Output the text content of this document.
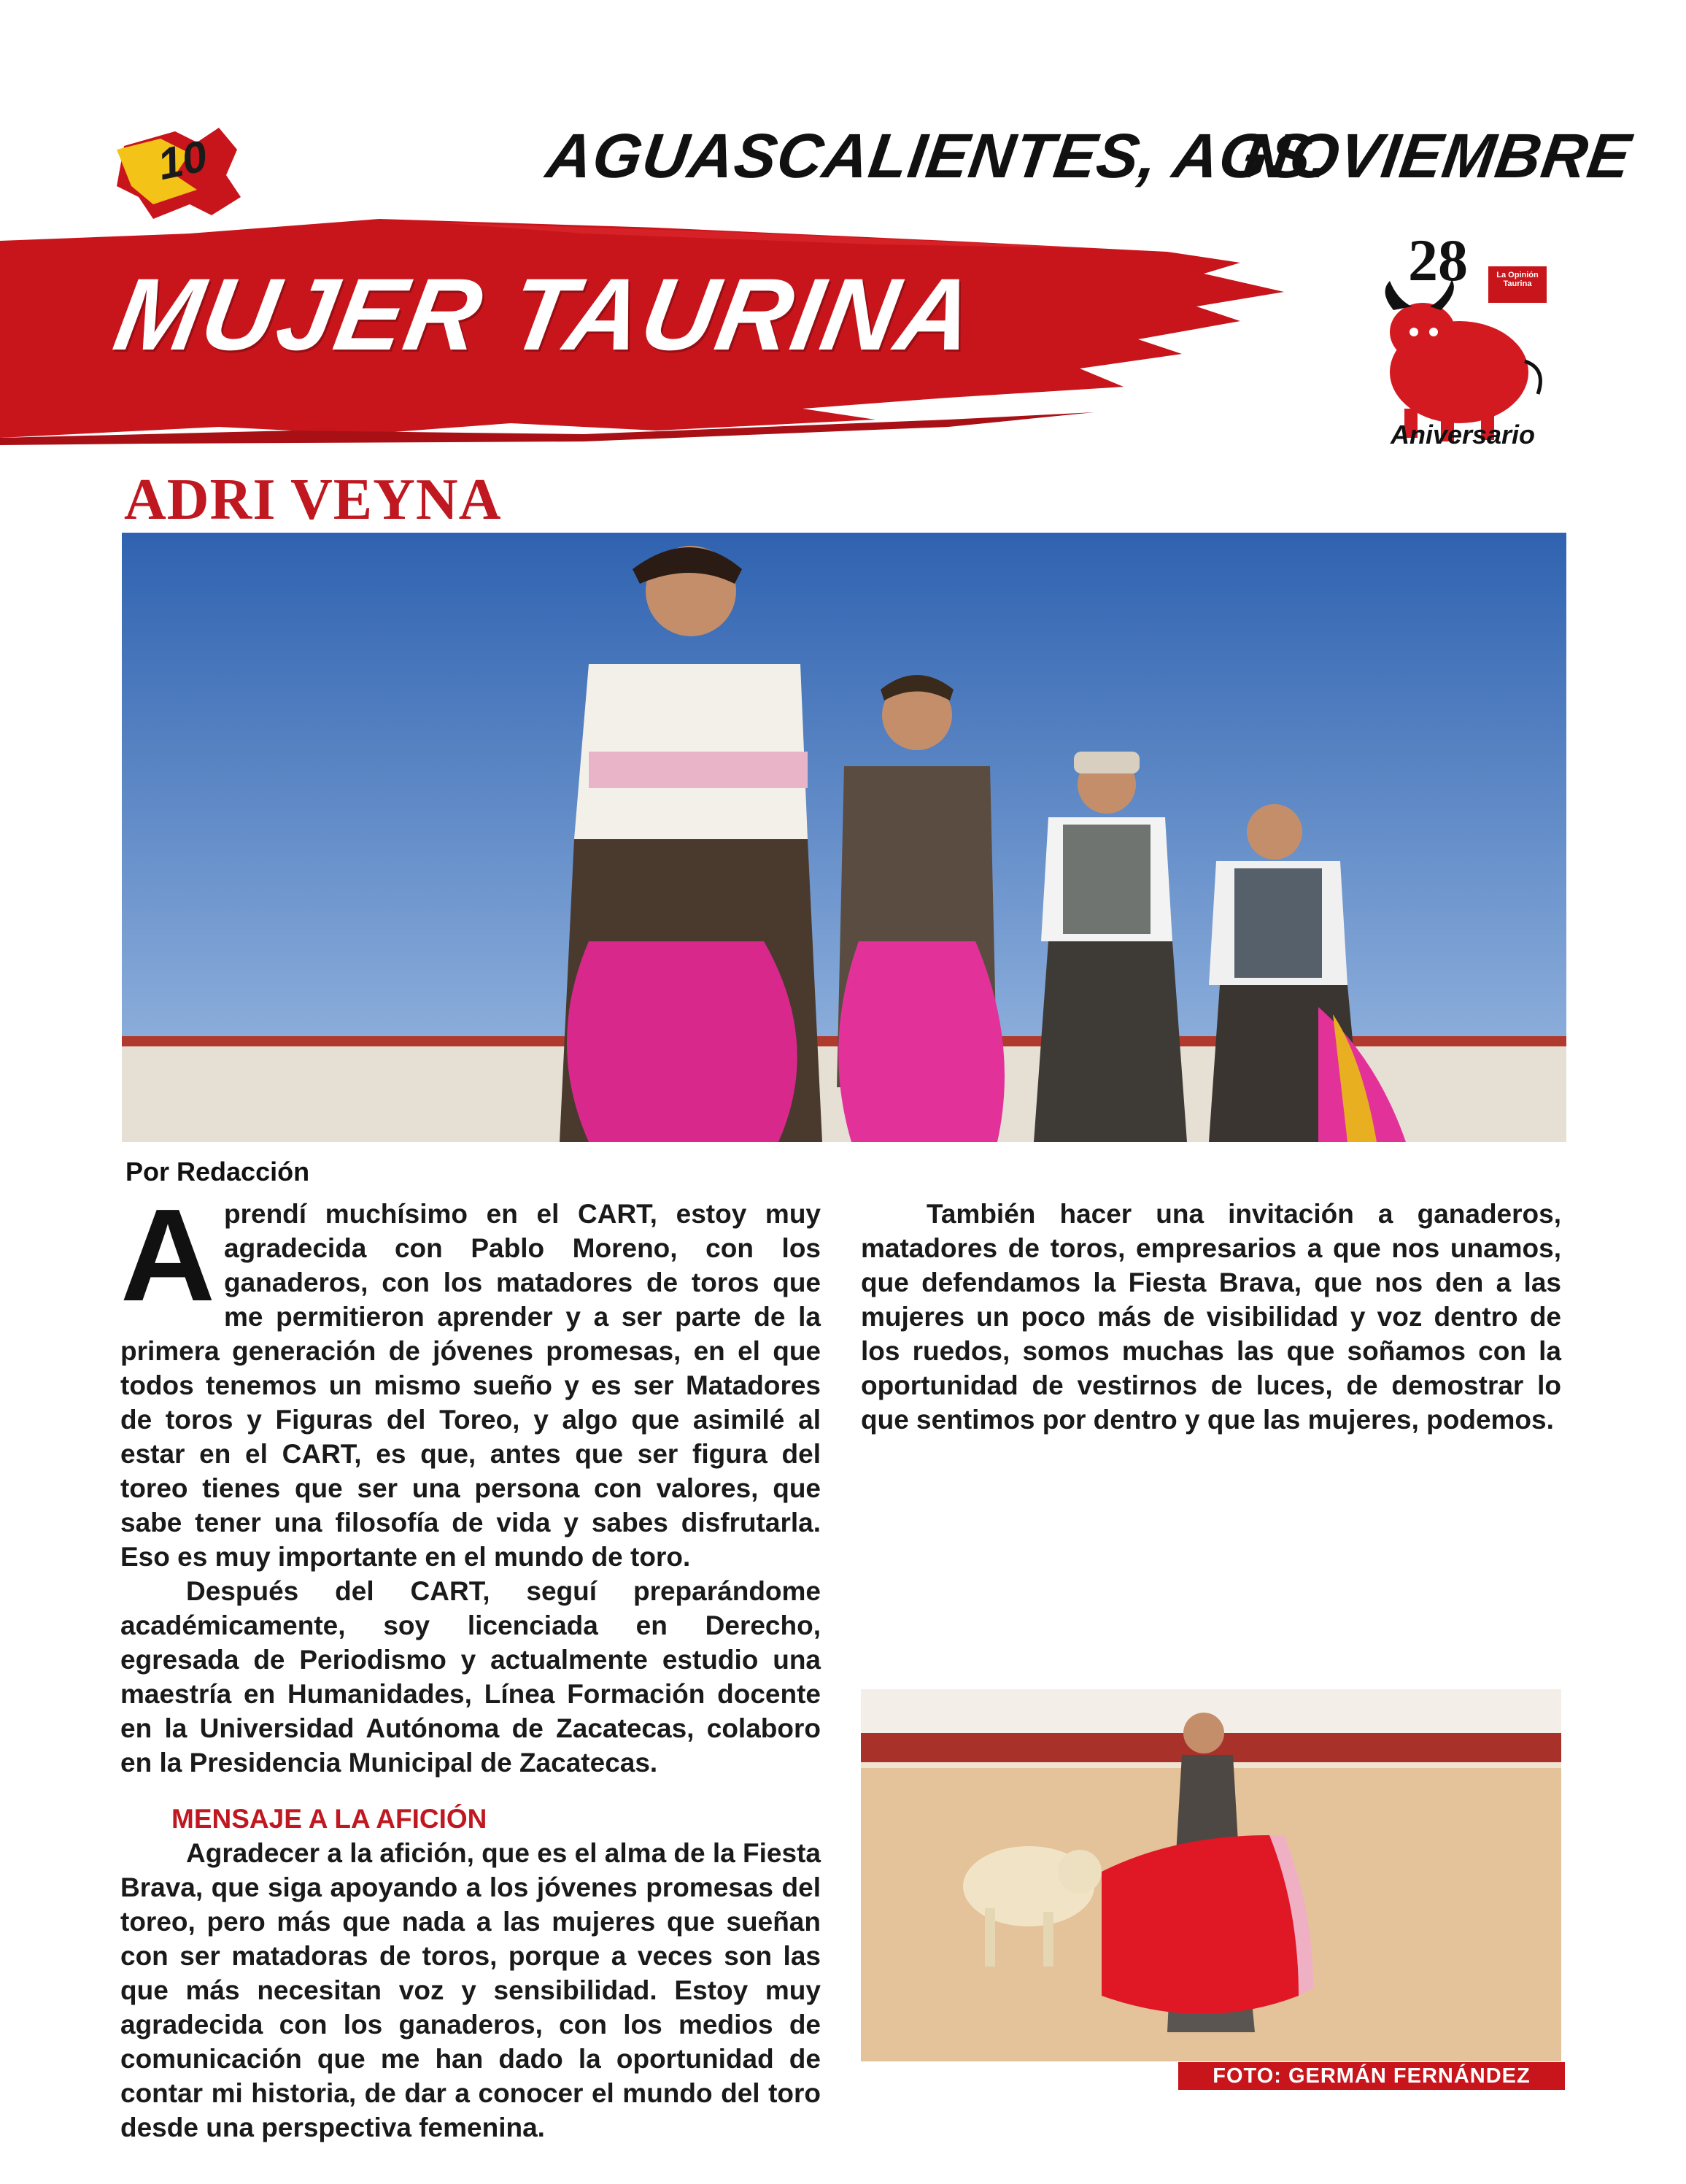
10	AGUASCALIENTES, AGS.
NOVIEMBRE
MUJER TAURINA	28	La Opinión Taurina
Aniversario
ADRI VEYNA
Por Redacción

Aprendí muchísimo en el CART, estoy muy agradecida con Pablo Moreno, con los ganaderos, con los matadores de toros que me permitieron aprender y a ser parte de la primera generación de jóvenes promesas, en el que todos tenemos un mismo sueño y es ser Matadores de toros y Figuras del Toreo, y algo que asimilé al estar en el CART, es que, antes que ser figura del toreo tienes que ser una persona con valores, que sabe tener una filosofía de vida y sabes disfrutarla. Eso es muy importante en el mundo de toro.

Después del CART, seguí preparándome académicamente, soy licenciada en Derecho, egresada de Periodismo y actualmente estudio una maestría en Humanidades, Línea Formación docente en la Universidad Autónoma de Zacatecas, colaboro en la Presidencia Municipal de Zacatecas.

MENSAJE A LA AFICIÓN

Agradecer a la afición, que es el alma de la Fiesta Brava, que siga apoyando a los jóvenes promesas del toreo, pero más que nada a las mujeres que sueñan con ser matadoras de toros, porque a veces son las que más necesitan voz y sensibilidad. Estoy muy agradecida con los ganaderos, con los medios de comunicación que me han dado la oportunidad de contar mi historia, de dar a conocer el mundo del toro desde una perspectiva femenina.

También hacer una invitación a ganaderos, matadores de toros, empresarios a que nos unamos, que defendamos la Fiesta Brava, que nos den a las mujeres un poco más de visibilidad y voz dentro de los ruedos, somos muchas las que soñamos con la oportunidad de vestirnos de luces, de demostrar lo que sentimos por dentro y que las mujeres, podemos.

FOTO: GERMÁN FERNÁNDEZ
